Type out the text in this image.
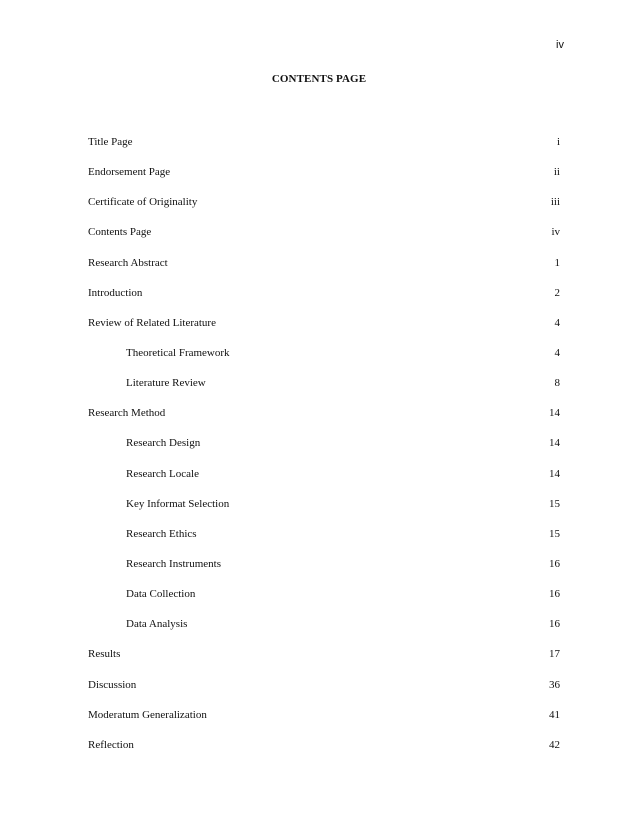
iv
CONTENTS PAGE
Title Page	i
Endorsement Page	ii
Certificate of Originality	iii
Contents Page	iv
Research Abstract	1
Introduction	2
Review of Related Literature	4
Theoretical Framework	4
Literature Review	8
Research Method	14
Research Design	14
Research Locale	14
Key Informat Selection	15
Research Ethics	15
Research Instruments	16
Data Collection	16
Data Analysis	16
Results	17
Discussion	36
Moderatum Generalization	41
Reflection	42
